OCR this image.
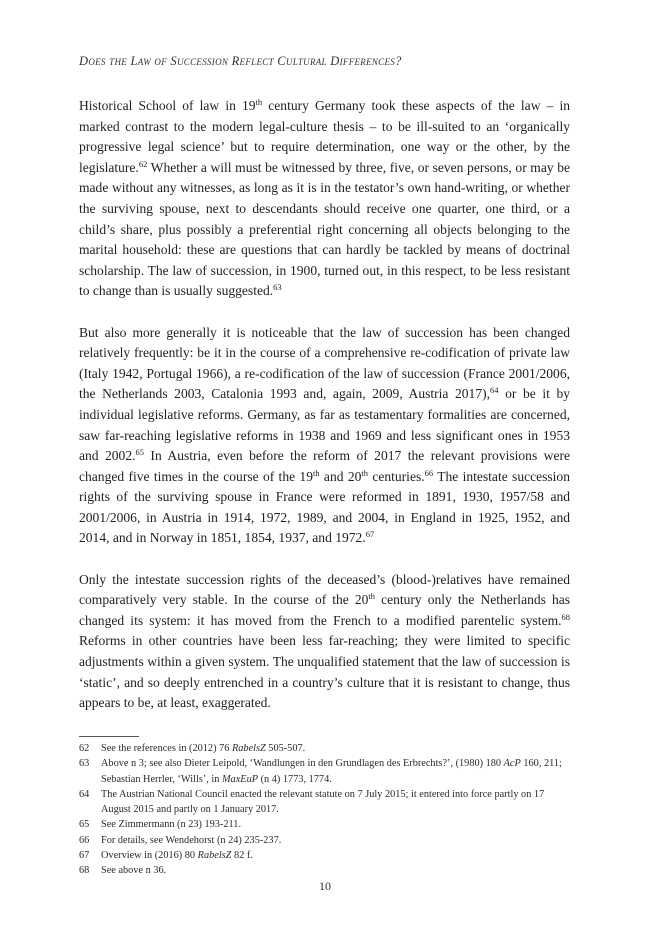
Does the Law of Succession Reflect Cultural Differences?

Historical School of law in 19th century Germany took these aspects of the law – in marked contrast to the modern legal-culture thesis – to be ill-suited to an ‘organically progressive legal science’ but to require determination, one way or the other, by the legislature.$^{62}$ Whether a will must be witnessed by three, five, or seven persons, or may be made without any witnesses, as long as it is in the testator’s own hand-writing, or whether the surviving spouse, next to descendants should receive one quarter, one third, or a child’s share, plus possibly a preferential right concerning all objects belonging to the marital household: these are questions that can hardly be tackled by means of doctrinal scholarship. The law of succession, in 1900, turned out, in this respect, to be less resistant to change than is usually suggested.$^{63}$

But also more generally it is noticeable that the law of succession has been changed relatively frequently: be it in the course of a comprehensive re-codification of private law (Italy 1942, Portugal 1966), a re-codification of the law of succession (France 2001/2006, the Netherlands 2003, Catalonia 1993 and, again, 2009, Austria 2017),$^{64}$ or be it by individual legislative reforms. Germany, as far as testamentary formalities are concerned, saw far-reaching legislative reforms in 1938 and 1969 and less significant ones in 1953 and 2002.65 In Austria, even before the reform of 2017 the relevant provisions were changed five times in the course of the 19th and 20th centuries.$^{66}$ The intestate succession rights of the surviving spouse in France were reformed in 1891, 1930, 1957/58 and 2001/2006, in Austria in 1914, 1972, 1989, and 2004, in England in 1925, 1952, and 2014, and in Norway in 1851, 1854, 1937, and 1972.67

Only the intestate succession rights of the deceased’s (blood-)relatives have remained comparatively very stable. In the course of the 20th century only the Netherlands has changed its system: it has moved from the French to a modified parentelic system.$^{68}$ Reforms in other countries have been less far-reaching; they were limited to specific adjustments within a given system. The unqualified statement that the law of succession is ‘static’, and so deeply entrenched in a country’s culture that it is resistant to change, thus appears to be, at least, exaggerated.

62	See the references in (2012) 76 RabelsZ 505-507.
63	Above n 3; see also Dieter Leipold, ‘Wandlungen in den Grundlagen des Erbrechts?’, (1980) 180 AcP 160, 211; Sebastian Herrler, ‘Wills’, in MaxEuP (n 4) 1773, 1774.
64	The Austrian National Council enacted the relevant statute on 7 July 2015; it entered into force partly on 17 August 2015 and partly on 1 January 2017.
65	See Zimmermann (n 23) 193-211.
66	For details, see Wendehorst (n 24) 235-237.
67	Overview in (2016) 80 RabelsZ 82 f.
68	See above n 36.
10
